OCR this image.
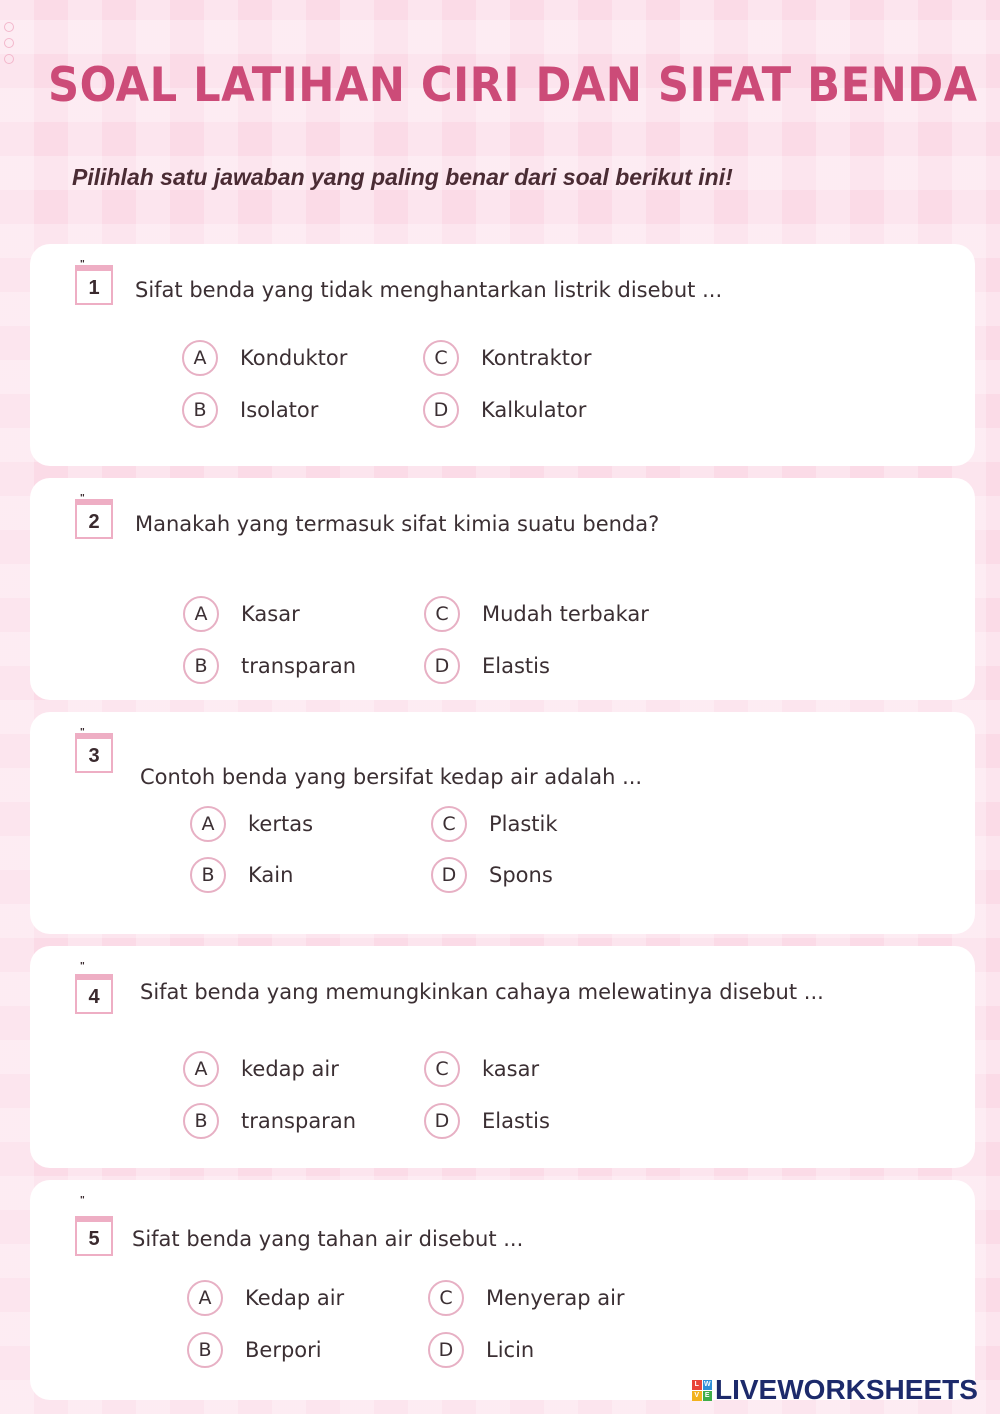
SOAL LATIHAN CIRI DAN SIFAT BENDA
Pilihlah satu jawaban yang paling benar dari soal berikut ini!
1	Sifat benda yang tidak menghantarkan listrik disebut ...
A	Konduktor
B	Isolator
C	Kontraktor
D	Kalkulator
2	Manakah yang termasuk sifat kimia suatu benda?
A	Kasar
B	transparan
C	Mudah terbakar
D	Elastis
3
Contoh benda yang bersifat kedap air adalah ...
A	kertas
B	Kain
C	Plastik
D	Spons
"
4	Sifat benda yang memungkinkan cahaya melewatinya disebut ...
A	kedap air
B	transparan
C	kasar
D	Elastis
"
5	Sifat benda yang tahan air disebut ...
A	Kedap air
B	Berpori
C	Menyerap air
D	Licin
L W
V E LIVEWORKSHEETS
